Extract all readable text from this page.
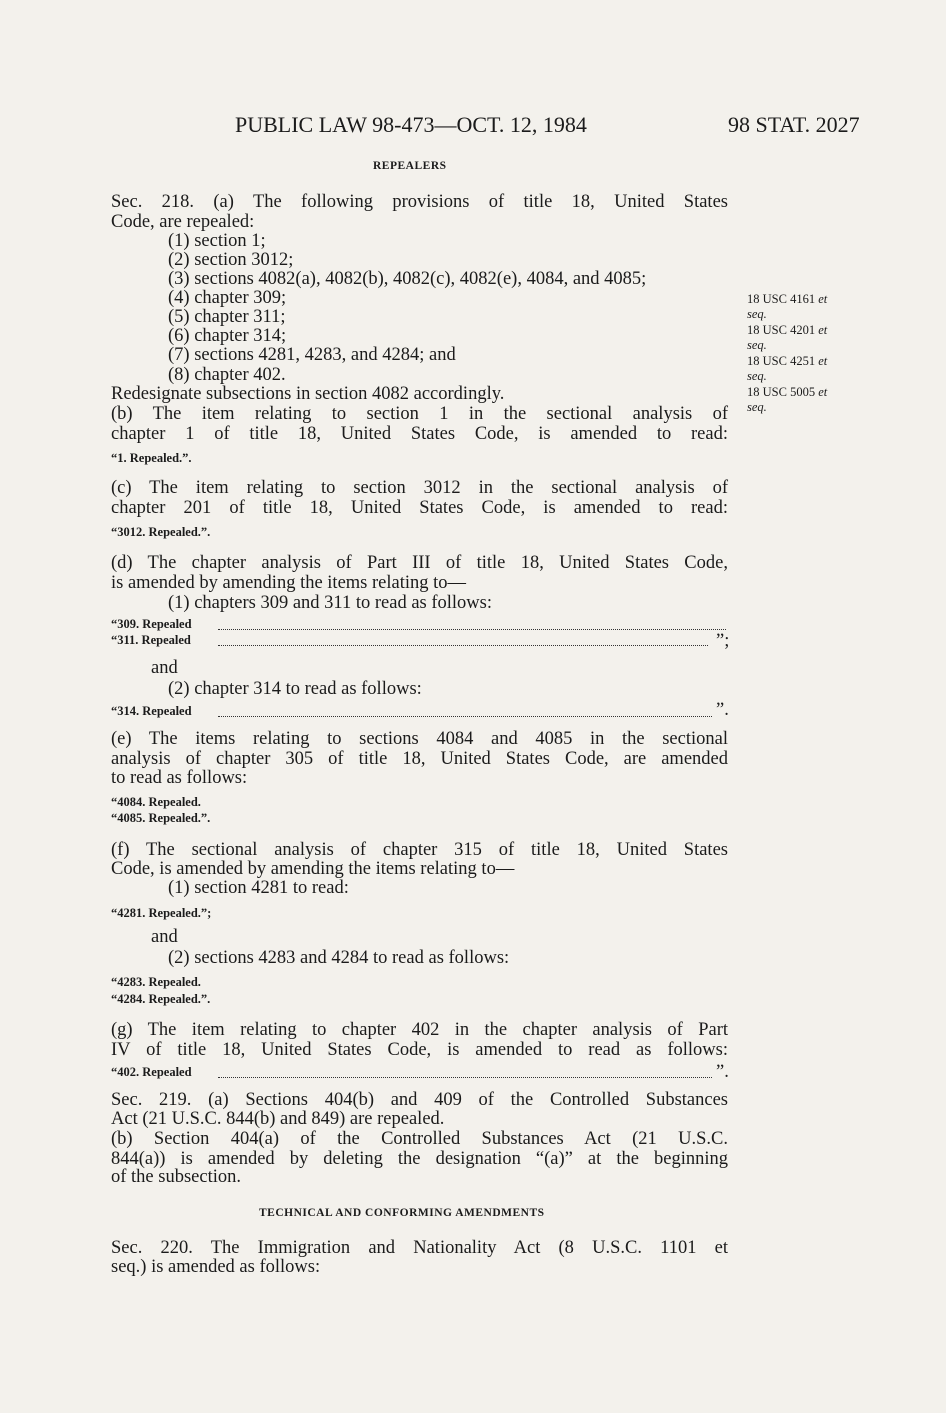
PUBLIC LAW 98-473—OCT. 12, 1984	98 STAT. 2027
REPEALERS
Sec. 218. (a) The following provisions of title 18, United States
Code, are repealed:
(1) section 1;
(2) section 3012;
(3) sections 4082(a), 4082(b), 4082(c), 4082(e), 4084, and 4085;
(4) chapter 309;
(5) chapter 311;
(6) chapter 314;
(7) sections 4281, 4283, and 4284; and
(8) chapter 402.
Redesignate subsections in section 4082 accordingly.
18 USC 4161 et
seq.
18 USC 4201 et
seq.
18 USC 4251 et
seq.
18 USC 5005 et
seq.
(b) The item relating to section 1 in the sectional analysis of
chapter 1 of title 18, United States Code, is amended to read:
“1. Repealed.”.
(c) The item relating to section 3012 in the sectional analysis of
chapter 201 of title 18, United States Code, is amended to read:
“3012. Repealed.”.
(d) The chapter analysis of Part III of title 18, United States Code,
is amended by amending the items relating to—
(1) chapters 309 and 311 to read as follows:
“309. Repealed
“311. Repealed	”;
and
(2) chapter 314 to read as follows:
“314. Repealed	”.
(e) The items relating to sections 4084 and 4085 in the sectional
analysis of chapter 305 of title 18, United States Code, are amended
to read as follows:
“4084. Repealed.
“4085. Repealed.”.
(f) The sectional analysis of chapter 315 of title 18, United States
Code, is amended by amending the items relating to—
(1) section 4281 to read:
“4281. Repealed.”;
and
(2) sections 4283 and 4284 to read as follows:
“4283. Repealed.
“4284. Repealed.”.
(g) The item relating to chapter 402 in the chapter analysis of Part
IV of title 18, United States Code, is amended to read as follows:
“402. Repealed	”.
Sec. 219. (a) Sections 404(b) and 409 of the Controlled Substances
Act (21 U.S.C. 844(b) and 849) are repealed.
(b) Section 404(a) of the Controlled Substances Act (21 U.S.C.
844(a)) is amended by deleting the designation “(a)” at the beginning
of the subsection.
TECHNICAL AND CONFORMING AMENDMENTS
Sec. 220. The Immigration and Nationality Act (8 U.S.C. 1101 et
seq.) is amended as follows:
